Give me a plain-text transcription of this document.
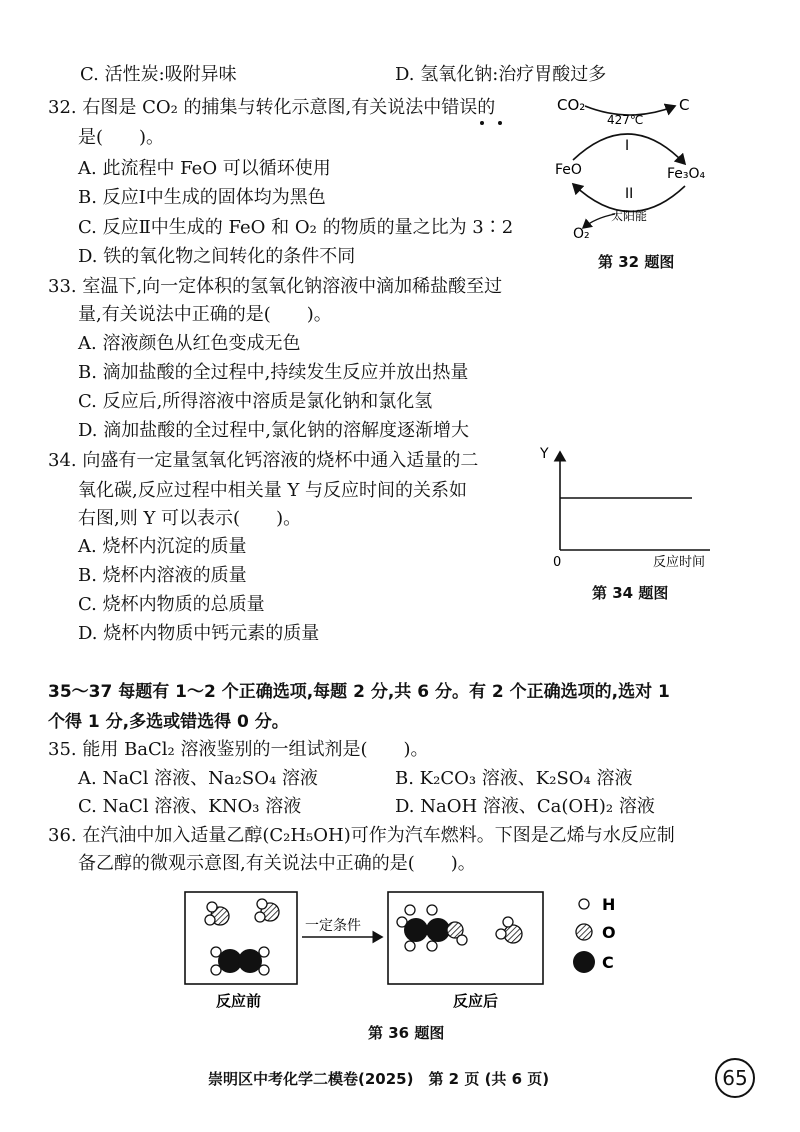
C. 活性炭:吸附异味	D. 氢氧化钠:治疗胃酸过多
32. 右图是 CO₂ 的捕集与转化示意图,有关说法中错误的
是(　　)。
A. 此流程中 FeO 可以循环使用
B. 反应Ⅰ中生成的固体均为黑色
C. 反应Ⅱ中生成的 FeO 和 O₂ 的物质的量之比为 3∶2
D. 铁的氧化物之间转化的条件不同
CO₂	C
427℃
I
FeO	Fe₃O₄
II
太阳能
O₂
第 32 题图
33. 室温下,向一定体积的氢氧化钠溶液中滴加稀盐酸至过
量,有关说法中正确的是(　　)。
A. 溶液颜色从红色变成无色
B. 滴加盐酸的全过程中,持续发生反应并放出热量
C. 反应后,所得溶液中溶质是氯化钠和氯化氢
D. 滴加盐酸的全过程中,氯化钠的溶解度逐渐增大
34. 向盛有一定量氢氧化钙溶液的烧杯中通入适量的二
氧化碳,反应过程中相关量 Y 与反应时间的关系如
右图,则 Y 可以表示(　　)。
A. 烧杯内沉淀的质量
B. 烧杯内溶液的质量
C. 烧杯内物质的总质量
D. 烧杯内物质中钙元素的质量
Y
0	反应时间
第 34 题图
35～37 每题有 1～2 个正确选项,每题 2 分,共 6 分。有 2 个正确选项的,选对 1
个得 1 分,多选或错选得 0 分。
35. 能用 BaCl₂ 溶液鉴别的一组试剂是(　　)。
A. NaCl 溶液、Na₂SO₄ 溶液	B. K₂CO₃ 溶液、K₂SO₄ 溶液
C. NaCl 溶液、KNO₃ 溶液	D. NaOH 溶液、Ca(OH)₂ 溶液
36. 在汽油中加入适量乙醇(C₂H₅OH)可作为汽车燃料。下图是乙烯与水反应制
备乙醇的微观示意图,有关说法中正确的是(　　)。
一定条件
H
O
C
反应前	反应后
第 36 题图
崇明区中考化学二模卷(2025)　第 2 页 (共 6 页)	65
